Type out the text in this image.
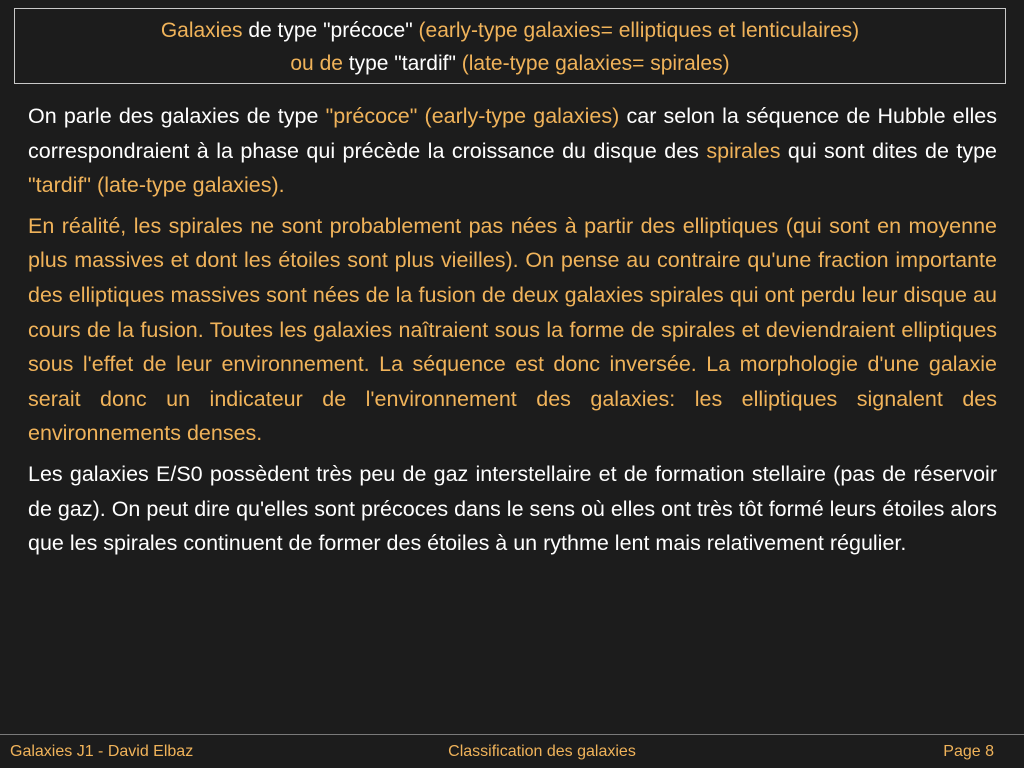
Galaxies de type "précoce" (early-type galaxies= elliptiques et lenticulaires)
ou de type "tardif" (late-type galaxies= spirales)

On parle des galaxies de type "précoce" (early-type galaxies) car selon la séquence de Hubble elles correspondraient à la phase qui précède la croissance du disque des spirales qui sont dites de type "tardif" (late-type galaxies).

En réalité, les spirales ne sont probablement pas nées à partir des elliptiques (qui sont en moyenne plus massives et dont les étoiles sont plus vieilles). On pense au contraire qu'une fraction importante des elliptiques massives sont nées de la fusion de deux galaxies spirales qui ont perdu leur disque au cours de la fusion. Toutes les galaxies naîtraient sous la forme de spirales et deviendraient elliptiques sous l'effet de leur environnement. La séquence est donc inversée. La morphologie d'une galaxie serait donc un indicateur de l'environnement des galaxies: les elliptiques signalent des environnements denses.

Les galaxies E/S0 possèdent très peu de gaz interstellaire et de formation stellaire (pas de réservoir de gaz). On peut dire qu'elles sont précoces dans le sens où elles ont très tôt formé leurs étoiles alors que les spirales continuent de former des étoiles à un rythme lent mais relativement régulier.

Galaxies J1 - David Elbaz	Classification des galaxies	Page 8
